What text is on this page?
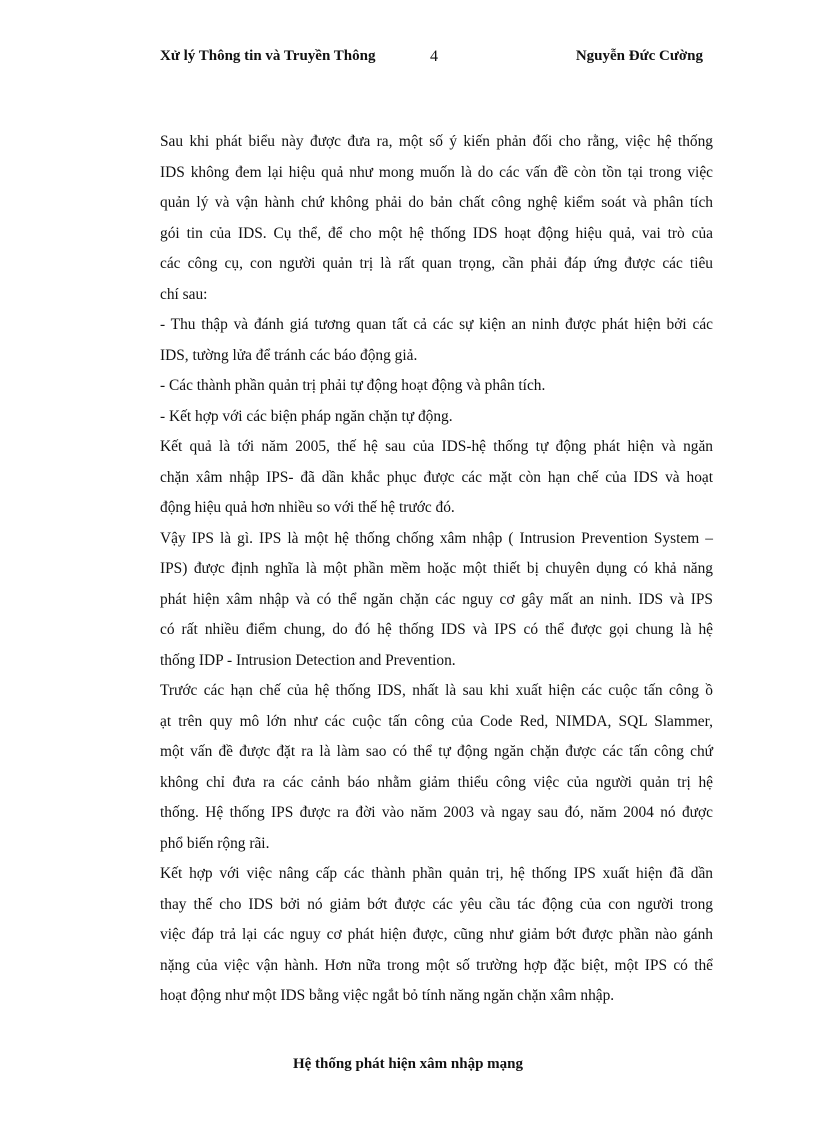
Xử lý Thông tin và Truyền Thông	4	Nguyễn Đức Cường
Sau khi phát biểu này được đưa ra, một số ý kiến phản đối cho rằng, việc hệ thống
IDS không đem lại hiệu quả như mong muốn là do các vấn đề còn tồn tại trong việc
quản lý và vận hành chứ không phải do bản chất công nghệ kiểm soát và phân tích
gói tin của IDS. Cụ thể, để cho một hệ thống IDS hoạt động hiệu quả, vai trò của
các công cụ, con người quản trị là rất quan trọng, cần phải đáp ứng được các tiêu
chí sau:
- Thu thập và đánh giá tương quan tất cả các sự kiện an ninh được phát hiện bởi các
IDS, tường lửa để tránh các báo động giả.
- Các thành phần quản trị phải tự động hoạt động và phân tích.
- Kết hợp với các biện pháp ngăn chặn tự động.
Kết quả là tới năm 2005, thế hệ sau của IDS-hệ thống tự động phát hiện và ngăn
chặn xâm nhập IPS- đã dần khắc phục được các mặt còn hạn chế của IDS và hoạt
động hiệu quả hơn nhiều so với thế hệ trước đó.
Vậy IPS là gì. IPS là một hệ thống chống xâm nhập ( Intrusion Prevention System –
IPS) được định nghĩa là một phần mềm hoặc một thiết bị chuyên dụng có khả năng
phát hiện xâm nhập và có thể ngăn chặn các nguy cơ gây mất an ninh. IDS và IPS
có rất nhiều điểm chung, do đó hệ thống IDS và IPS có thể được gọi chung là hệ
thống IDP - Intrusion Detection and Prevention.
Trước các hạn chế của hệ thống IDS, nhất là sau khi xuất hiện các cuộc tấn công ồ
ạt trên quy mô lớn như các cuộc tấn công của Code Red, NIMDA, SQL Slammer,
một vấn đề được đặt ra là làm sao có thể tự động ngăn chặn được các tấn công chứ
không chỉ đưa ra các cảnh báo nhằm giảm thiểu công việc của người quản trị hệ
thống. Hệ thống IPS được ra đời vào năm 2003 và ngay sau đó, năm 2004 nó được
phổ biến rộng rãi.
Kết hợp với việc nâng cấp các thành phần quản trị, hệ thống IPS xuất hiện đã dần
thay thế cho IDS bởi nó giảm bớt được các yêu cầu tác động của con người trong
việc đáp trả lại các nguy cơ phát hiện được, cũng như giảm bớt được phần nào gánh
nặng của việc vận hành. Hơn nữa trong một số trường hợp đặc biệt, một IPS có thể
hoạt động như một IDS bằng việc ngắt bỏ tính năng ngăn chặn xâm nhập.
Hệ thống phát hiện xâm nhập mạng
